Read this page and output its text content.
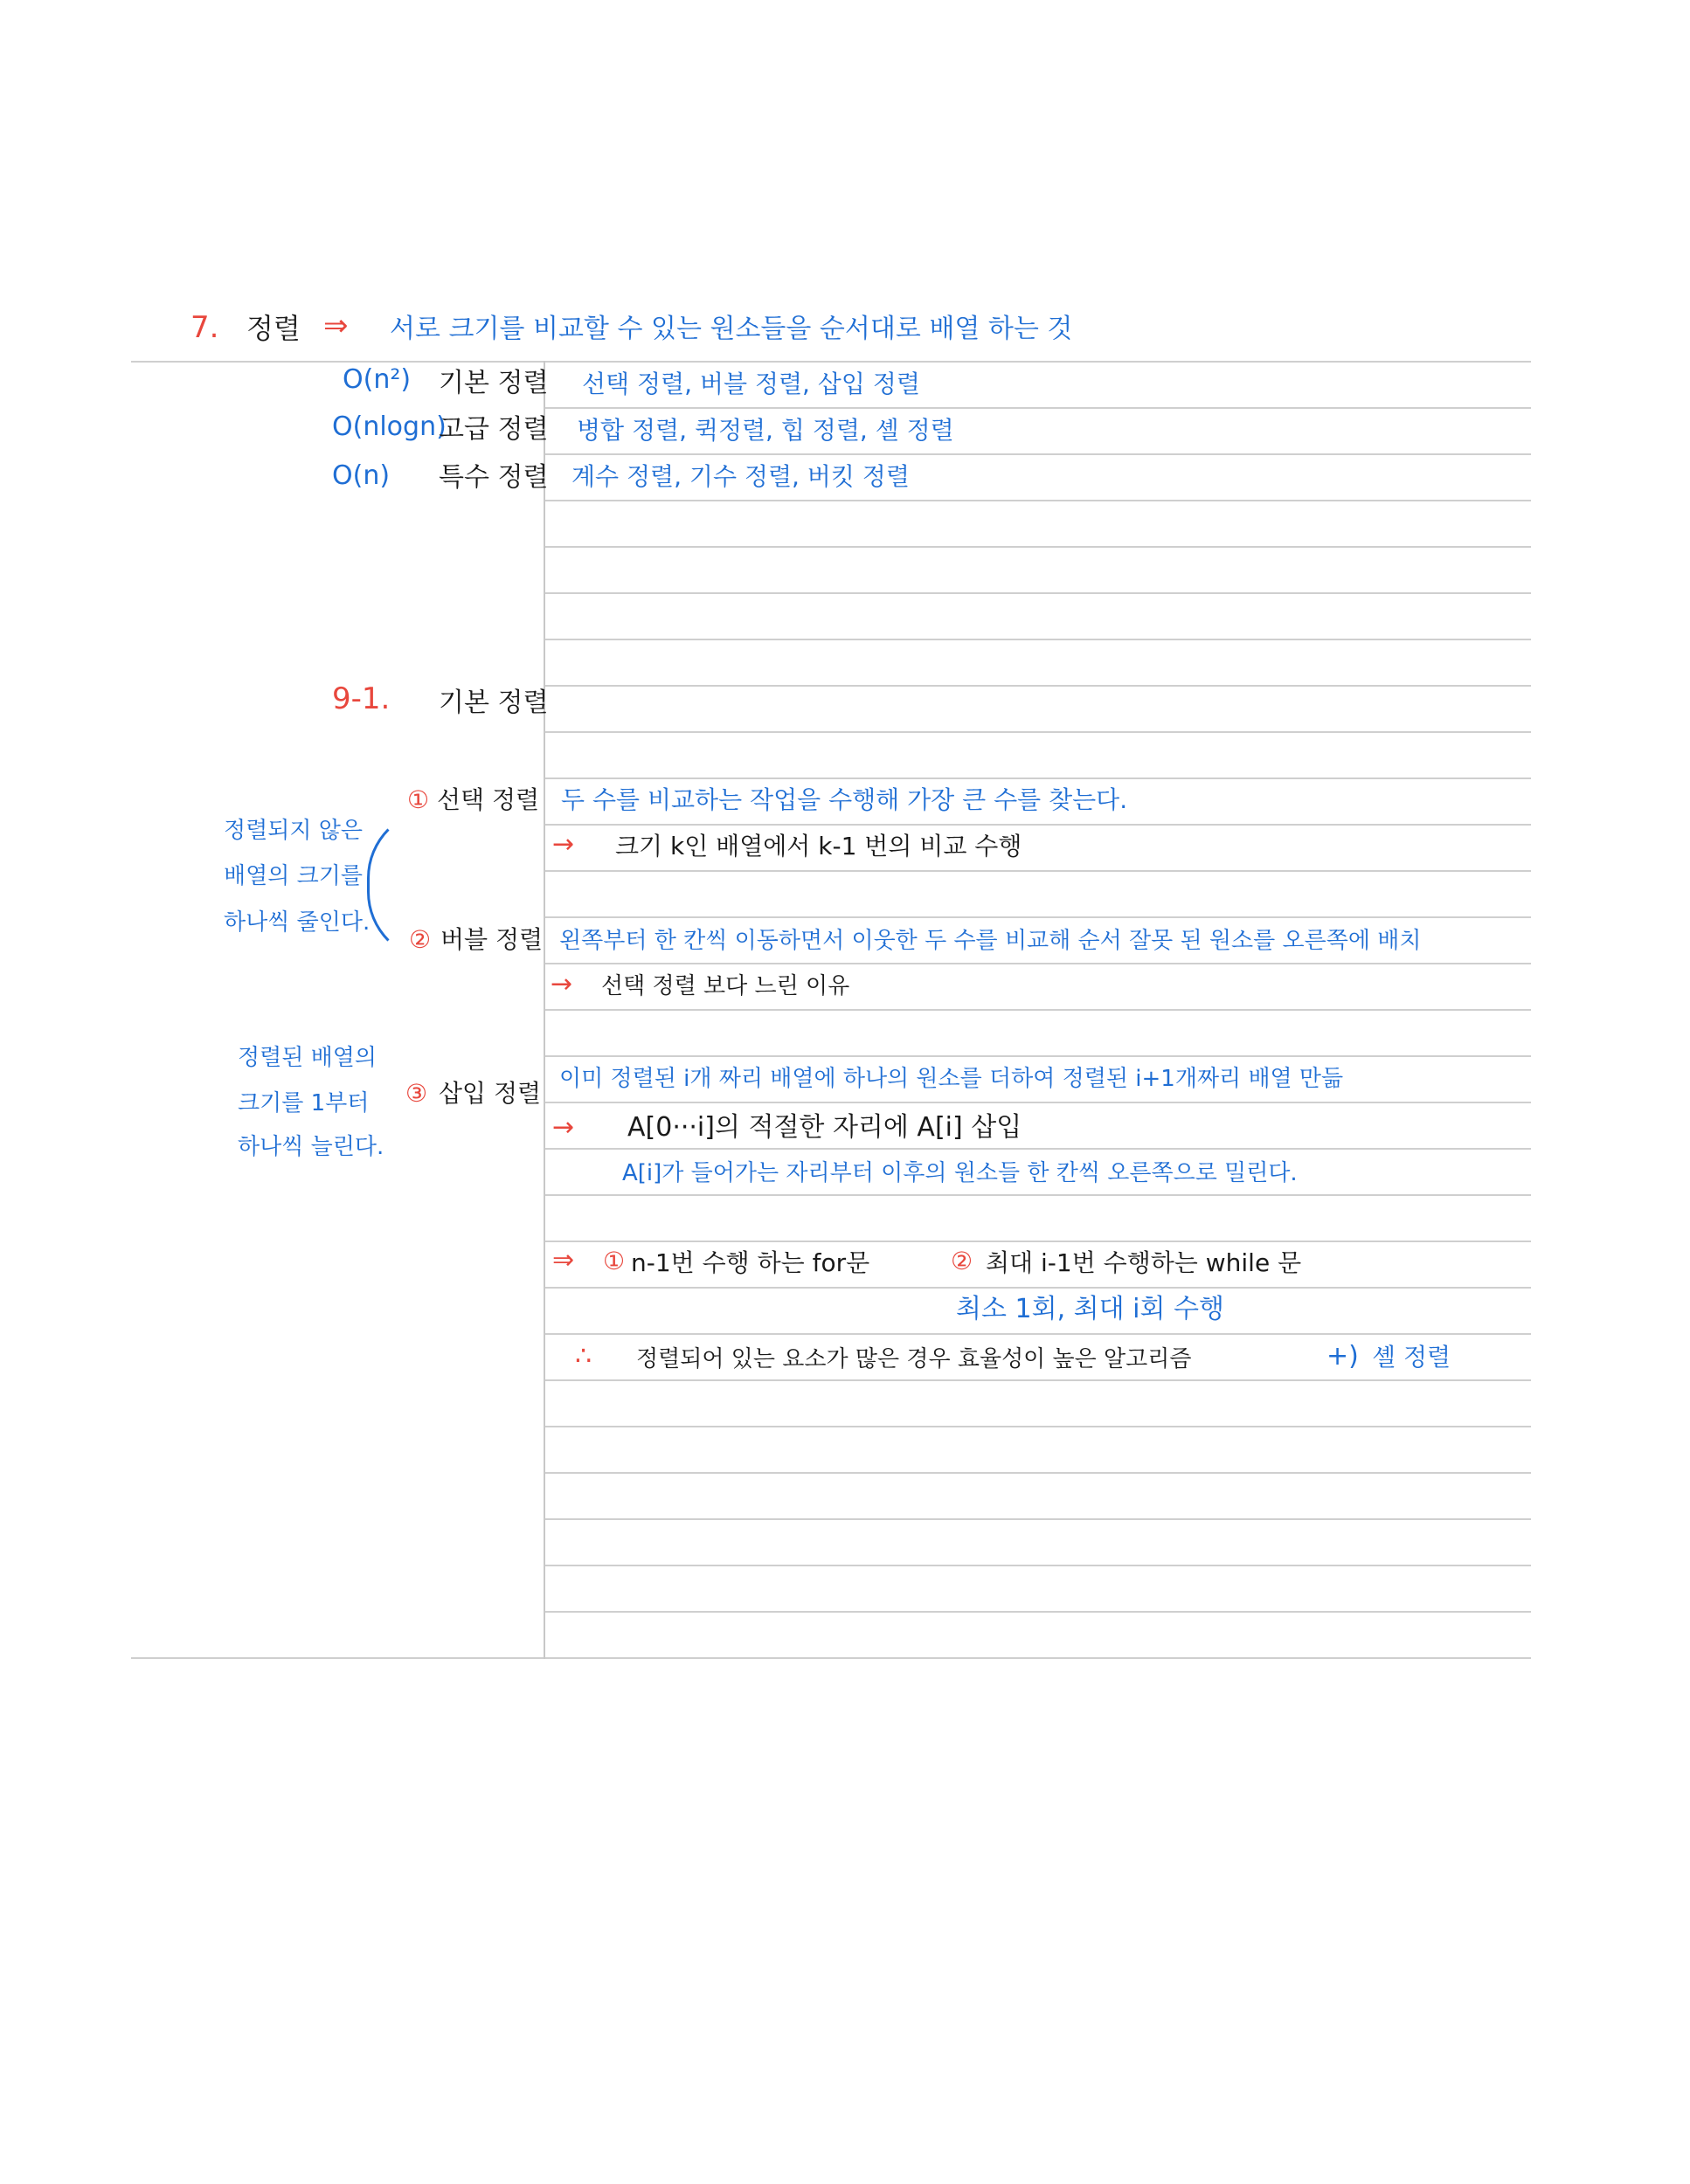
7. 정렬 ⇒ 서로 크기를 비교할 수 있는 원소들을 순서대로 배열 하는 것
O(n²) 기본 정렬 선택 정렬, 버블 정렬, 삽입 정렬
O(nlogn)
고급 정렬 병합 정렬, 퀵정렬, 힙 정렬, 셸 정렬
O(n) 특수 정렬 계수 정렬, 기수 정렬, 버킷 정렬
9-1. 기본 정렬
정렬되지 않은
배열의 크기를
하나씩 줄인다.
정렬된 배열의
크기를 1부터
하나씩 늘린다.
① 선택 정렬 두 수를 비교하는 작업을 수행해 가장 큰 수를 찾는다.
→ 크기 k인 배열에서 k-1 번의 비교 수행
② 버블 정렬 왼쪽부터 한 칸씩 이동하면서 이웃한 두 수를 비교해 순서 잘못 된 원소를 오른쪽에 배치
→ 선택 정렬 보다 느린 이유
③ 삽입 정렬 이미 정렬된 i개 짜리 배열에 하나의 원소를 더하여 정렬된 i+1개짜리 배열 만듦
→ A[0···i]의 적절한 자리에 A[i] 삽입
A[i]가 들어가는 자리부터 이후의 원소들 한 칸씩 오른쪽으로 밀린다.
⇒ ① n-1번 수행 하는 for문	② 최대 i-1번 수행하는 while 문
최소 1회, 최대 i회 수행
∴ 정렬되어 있는 요소가 많은 경우 효율성이 높은 알고리즘	+) 셸 정렬
